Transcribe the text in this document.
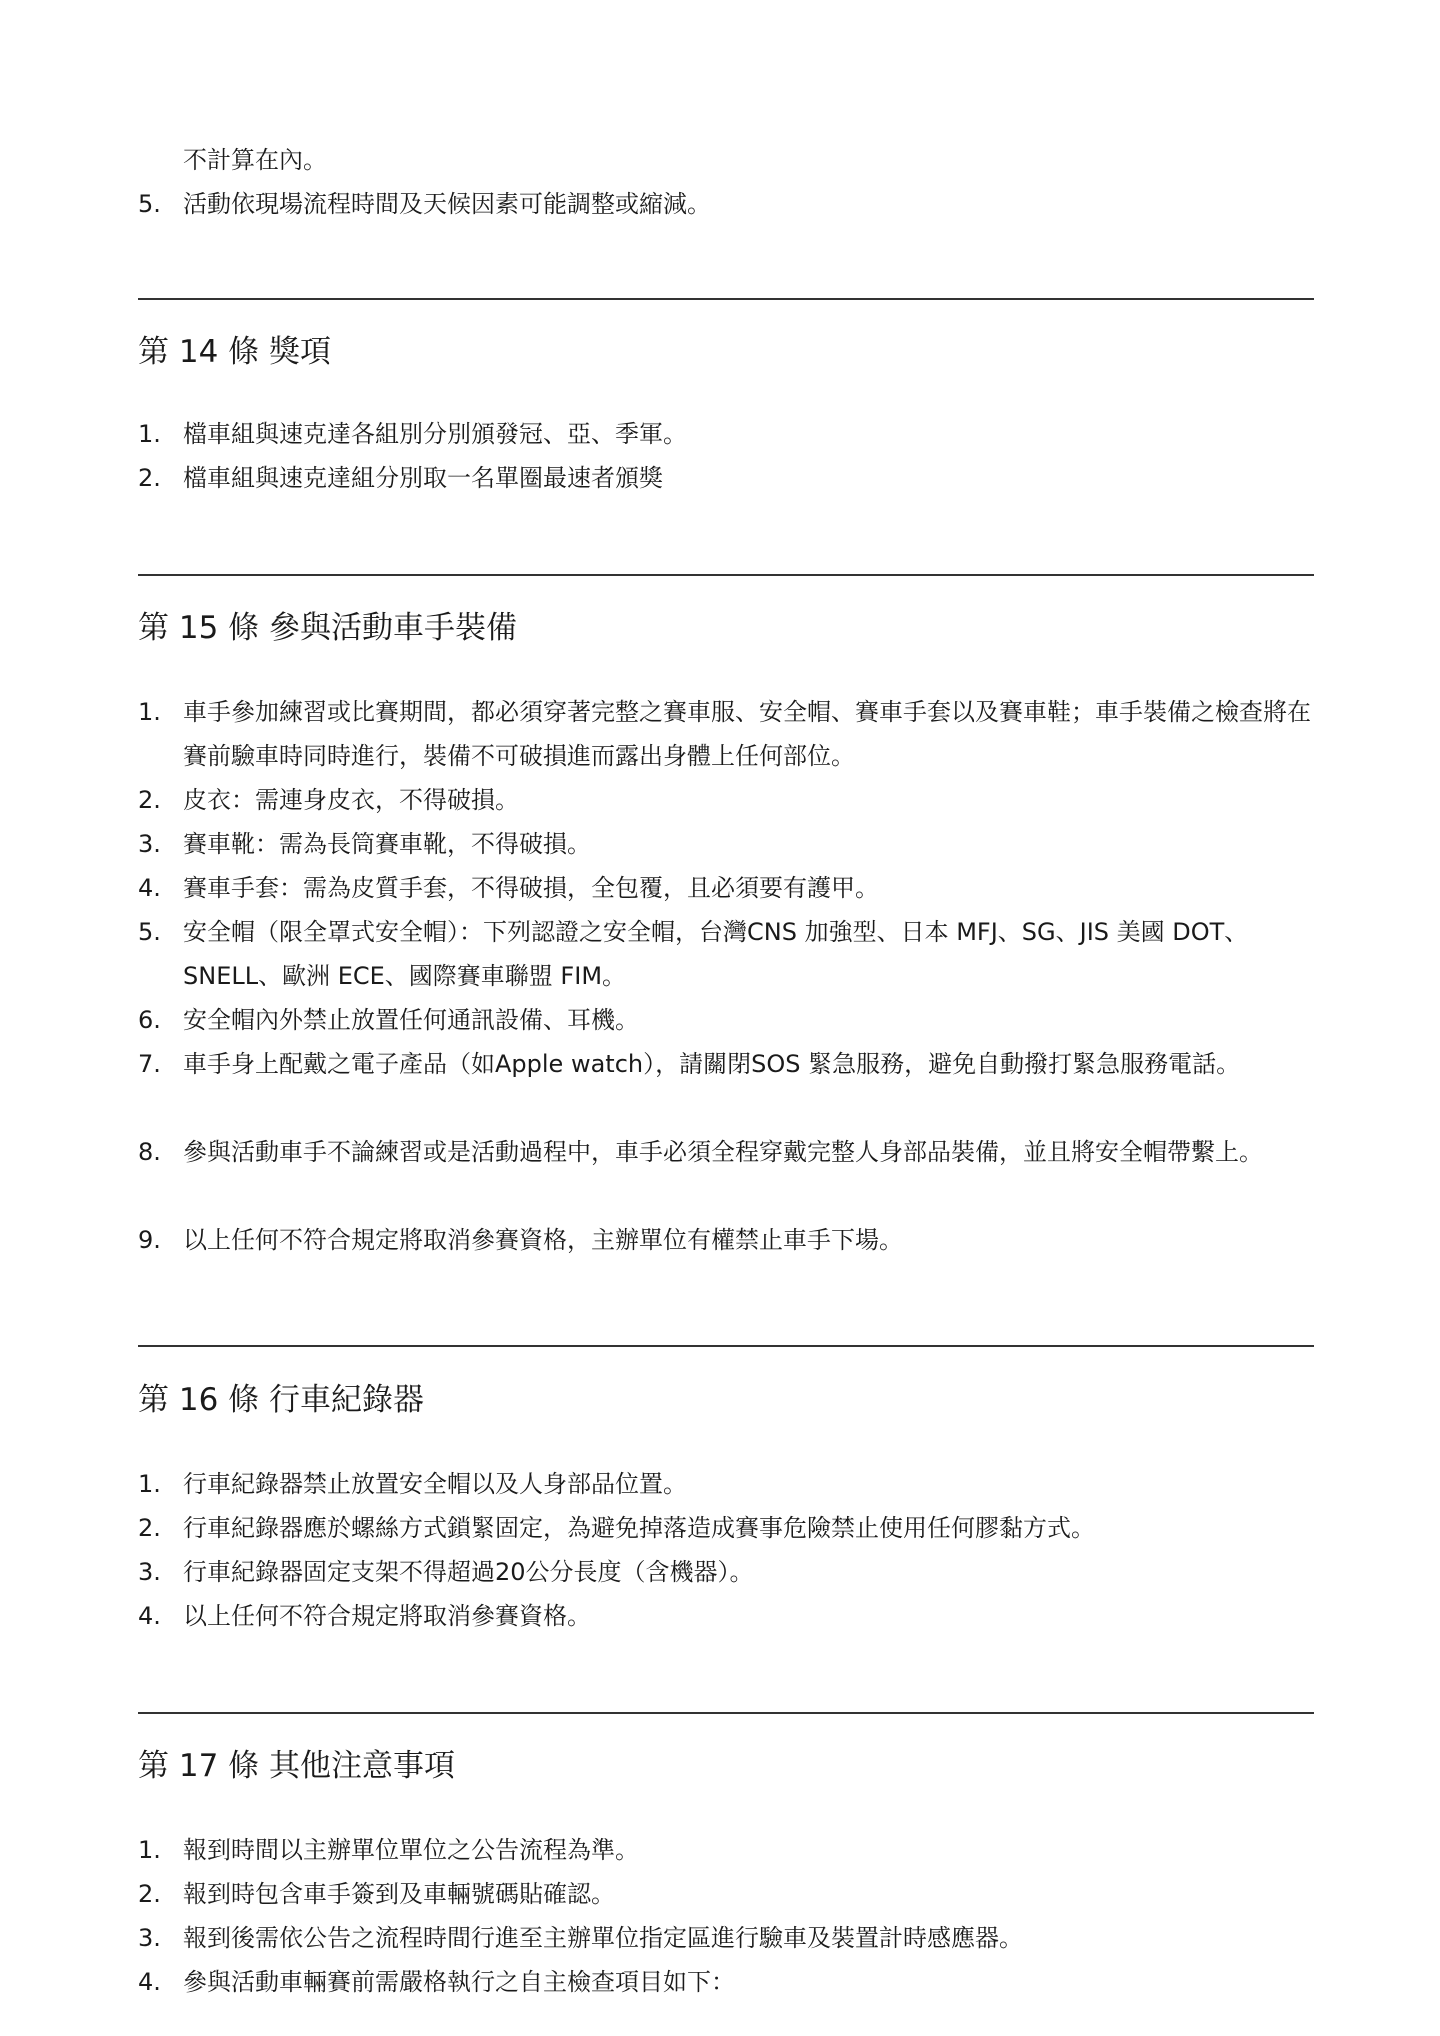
不計算在內。
5. 活動依現場流程時間及天候因素可能調整或縮減。
第 14 條 獎項
1. 檔車組與速克達各組別分別頒發冠、亞、季軍。
2. 檔車組與速克達組分別取一名單圈最速者頒獎
第 15 條 參與活動車手裝備
1. 車手參加練習或比賽期間，都必須穿著完整之賽車服、安全帽、賽車手套以及賽車鞋；車手裝備之檢查將在賽前驗車時同時進行，裝備不可破損進而露出身體上任何部位。
2. 皮衣：需連身皮衣，不得破損。
3. 賽車靴：需為長筒賽車靴，不得破損。
4. 賽車手套：需為皮質手套，不得破損，全包覆，且必須要有護甲。
5. 安全帽（限全罩式安全帽）：下列認證之安全帽，台灣CNS 加強型、日本 MFJ、SG、JIS 美國 DOT、 SNELL、歐洲 ECE、國際賽車聯盟 FIM。
6. 安全帽內外禁止放置任何通訊設備、耳機。
7. 車手身上配戴之電子產品（如Apple watch），請關閉SOS 緊急服務，避免自動撥打緊急服務電話。
8. 參與活動車手不論練習或是活動過程中，車手必須全程穿戴完整人身部品裝備，並且將安全帽帶繫上。
9. 以上任何不符合規定將取消參賽資格，主辦單位有權禁止車手下場。
第 16 條 行車紀錄器
1. 行車紀錄器禁止放置安全帽以及人身部品位置。
2. 行車紀錄器應於螺絲方式鎖緊固定，為避免掉落造成賽事危險禁止使用任何膠黏方式。
3. 行車紀錄器固定支架不得超過20公分長度（含機器）。
4. 以上任何不符合規定將取消參賽資格。
第 17 條 其他注意事項
1. 報到時間以主辦單位單位之公告流程為準。
2. 報到時包含車手簽到及車輛號碼貼確認。
3. 報到後需依公告之流程時間行進至主辦單位指定區進行驗車及裝置計時感應器。
4. 參與活動車輛賽前需嚴格執行之自主檢查項目如下：
